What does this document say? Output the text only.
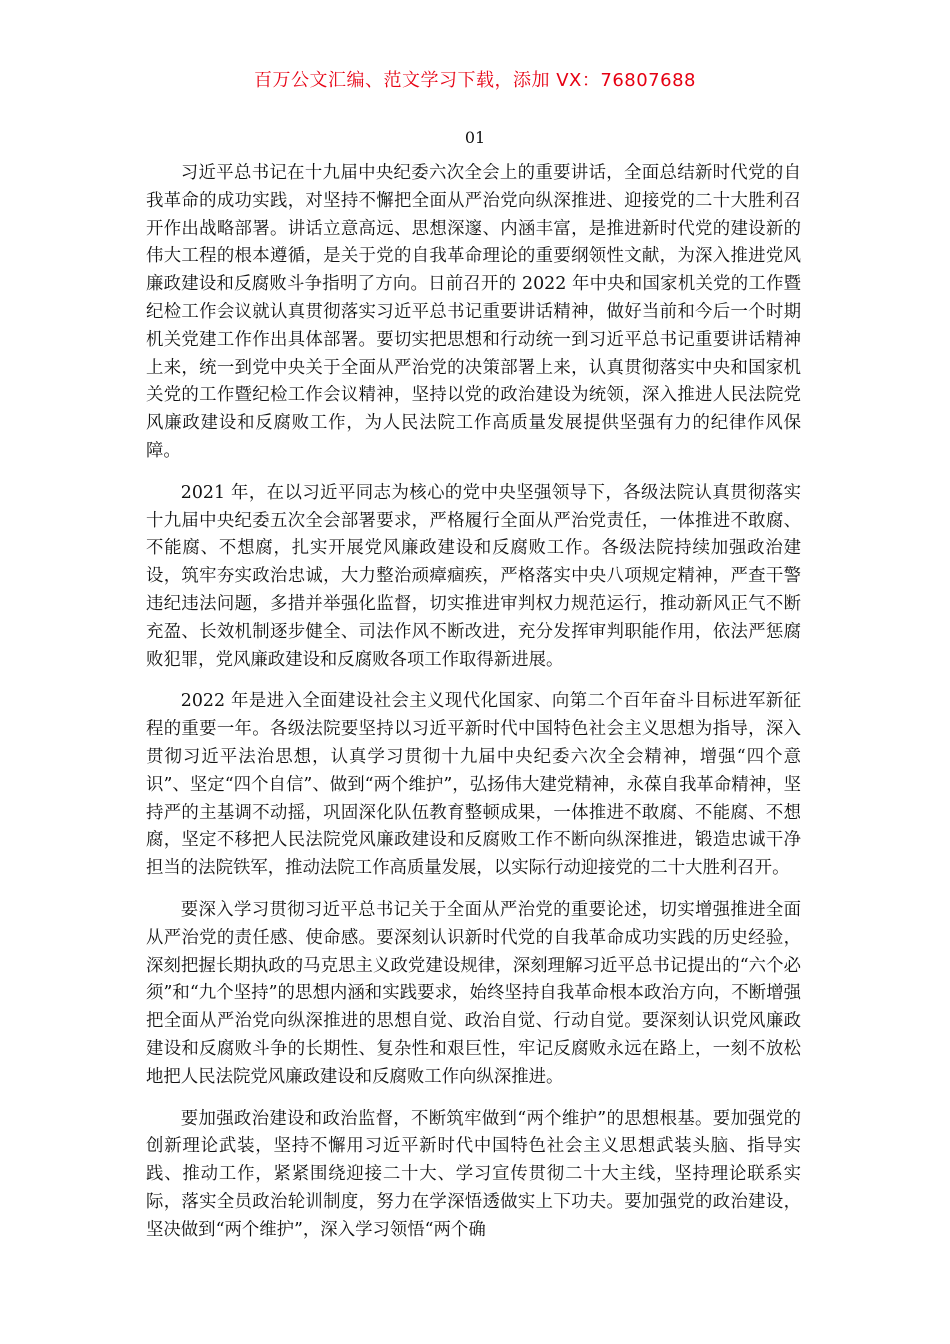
百万公文汇编、范文学习下载，添加 VX：76807688
01

习近平总书记在十九届中央纪委六次全会上的重要讲话，全面总结新时代党的自我革命的成功实践，对坚持不懈把全面从严治党向纵深推进、迎接党的二十大胜利召开作出战略部署。讲话立意高远、思想深邃、内涵丰富，是推进新时代党的建设新的伟大工程的根本遵循，是关于党的自我革命理论的重要纲领性文献，为深入推进党风廉政建设和反腐败斗争指明了方向。日前召开的 2022 年中央和国家机关党的工作暨纪检工作会议就认真贯彻落实习近平总书记重要讲话精神，做好当前和今后一个时期机关党建工作作出具体部署。要切实把思想和行动统一到习近平总书记重要讲话精神上来，统一到党中央关于全面从严治党的决策部署上来，认真贯彻落实中央和国家机关党的工作暨纪检工作会议精神，坚持以党的政治建设为统领，深入推进人民法院党风廉政建设和反腐败工作，为人民法院工作高质量发展提供坚强有力的纪律作风保障。

2021 年，在以习近平同志为核心的党中央坚强领导下，各级法院认真贯彻落实十九届中央纪委五次全会部署要求，严格履行全面从严治党责任，一体推进不敢腐、不能腐、不想腐，扎实开展党风廉政建设和反腐败工作。各级法院持续加强政治建设，筑牢夯实政治忠诚，大力整治顽瘴痼疾，严格落实中央八项规定精神，严查干警违纪违法问题，多措并举强化监督，切实推进审判权力规范运行，推动新风正气不断充盈、长效机制逐步健全、司法作风不断改进，充分发挥审判职能作用，依法严惩腐败犯罪，党风廉政建设和反腐败各项工作取得新进展。

2022 年是进入全面建设社会主义现代化国家、向第二个百年奋斗目标进军新征程的重要一年。各级法院要坚持以习近平新时代中国特色社会主义思想为指导，深入贯彻习近平法治思想，认真学习贯彻十九届中央纪委六次全会精神，增强“四个意识”、坚定“四个自信”、做到“两个维护”，弘扬伟大建党精神，永葆自我革命精神，坚持严的主基调不动摇，巩固深化队伍教育整顿成果，一体推进不敢腐、不能腐、不想腐，坚定不移把人民法院党风廉政建设和反腐败工作不断向纵深推进，锻造忠诚干净担当的法院铁军，推动法院工作高质量发展，以实际行动迎接党的二十大胜利召开。

要深入学习贯彻习近平总书记关于全面从严治党的重要论述，切实增强推进全面从严治党的责任感、使命感。要深刻认识新时代党的自我革命成功实践的历史经验，深刻把握长期执政的马克思主义政党建设规律，深刻理解习近平总书记提出的“六个必须”和“九个坚持”的思想内涵和实践要求，始终坚持自我革命根本政治方向，不断增强把全面从严治党向纵深推进的思想自觉、政治自觉、行动自觉。要深刻认识党风廉政建设和反腐败斗争的长期性、复杂性和艰巨性，牢记反腐败永远在路上，一刻不放松地把人民法院党风廉政建设和反腐败工作向纵深推进。

要加强政治建设和政治监督，不断筑牢做到“两个维护”的思想根基。要加强党的创新理论武装，坚持不懈用习近平新时代中国特色社会主义思想武装头脑、指导实践、推动工作，紧紧围绕迎接二十大、学习宣传贯彻二十大主线，坚持理论联系实际，落实全员政治轮训制度，努力在学深悟透做实上下功夫。要加强党的政治建设，坚决做到“两个维护”，深入学习领悟“两个确
